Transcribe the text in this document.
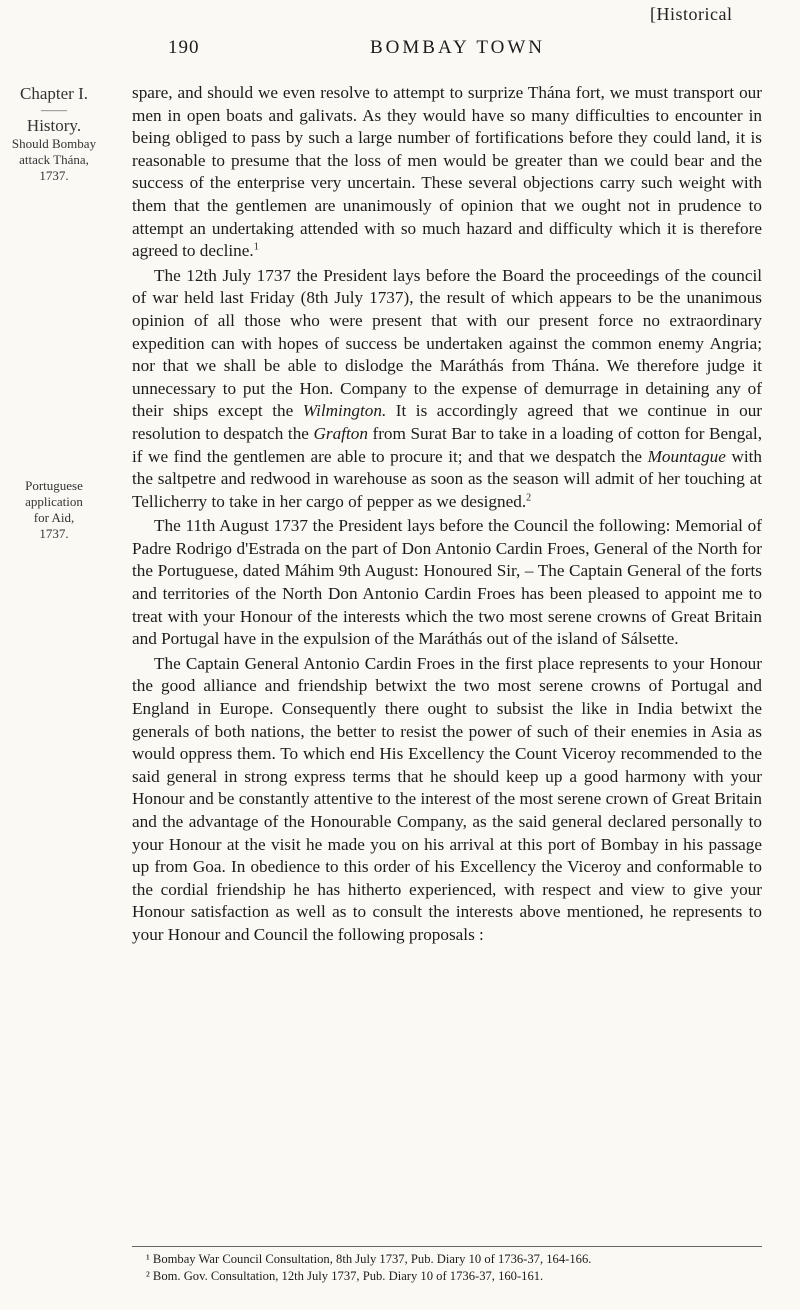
[Historical
190	BOMBAY TOWN
Chapter I.
——
History.
Should Bombay
attack Thána,
1737.
Portuguese
application
for Aid,
1737.

spare, and should we even resolve to attempt to surprize Thána fort, we must transport our men in open boats and galivats. As they would have so many difficulties to encounter in being obliged to pass by such a large number of fortifications before they could land, it is reasonable to presume that the loss of men would be greater than we could bear and the success of the enterprise very uncertain. These several objections carry such weight with them that the gentlemen are unanimously of opinion that we ought not in prudence to attempt an undertaking attended with so much hazard and difficulty which it is therefore agreed to decline.$^1$

The 12th July 1737 the President lays before the Board the proceedings of the council of war held last Friday (8th July 1737), the result of which appears to be the unanimous opinion of all those who were present that with our present force no extraordinary expedition can with hopes of success be undertaken against the common enemy Angria; nor that we shall be able to dislodge the Maráthás from Thána. We therefore judge it unnecessary to put the Hon. Company to the expense of demurrage in detaining any of their ships except the Wilmington. It is accordingly agreed that we continue in our resolution to despatch the Grafton from Surat Bar to take in a loading of cotton for Bengal, if we find the gentlemen are able to procure it; and that we despatch the Mountague with the saltpetre and redwood in warehouse as soon as the season will admit of her touching at Tellicherry to take in her cargo of pepper as we designed.$^2$

The 11th August 1737 the President lays before the Council the following: Memorial of Padre Rodrigo d'Estrada on the part of Don Antonio Cardin Froes, General of the North for the Portuguese, dated Máhim 9th August: Honoured Sir, – The Captain General of the forts and territories of the North Don Antonio Cardin Froes has been pleased to appoint me to treat with your Honour of the interests which the two most serene crowns of Great Britain and Portugal have in the expulsion of the Maráthás out of the island of Sálsette.

The Captain General Antonio Cardin Froes in the first place represents to your Honour the good alliance and friendship betwixt the two most serene crowns of Portugal and England in Europe. Consequently there ought to subsist the like in India betwixt the generals of both nations, the better to resist the power of such of their enemies in Asia as would oppress them. To which end His Excellency the Count Viceroy recommended to the said general in strong express terms that he should keep up a good harmony with your Honour and be constantly attentive to the interest of the most serene crown of Great Britain and the advantage of the Honourable Company, as the said general declared personally to your Honour at the visit he made you on his arrival at this port of Bombay in his passage up from Goa. In obedience to this order of his Excellency the Viceroy and conformable to the cordial friendship he has hitherto experienced, with respect and view to give your Honour satisfaction as well as to consult the interests above mentioned, he represents to your Honour and Council the following proposals :

¹ Bombay War Council Consultation, 8th July 1737, Pub. Diary 10 of 1736-37, 164-166.
² Bom. Gov. Consultation, 12th July 1737, Pub. Diary 10 of 1736-37, 160-161.
